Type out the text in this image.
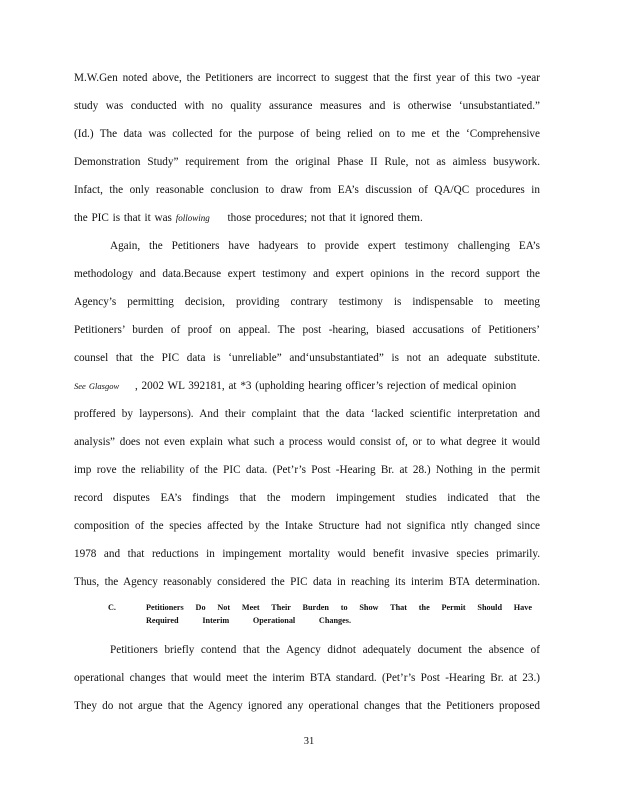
M.W.Gen noted above, the Petitioners are incorrect to suggest that the first year of this two -year
study was conducted with no quality assurance measures and is otherwise ‘unsubstantiated.”
(Id.) The data was collected for the purpose of being relied on to me et the ‘Comprehensive
Demonstration Study” requirement from the original Phase II Rule, not as aimless busywork.
Infact, the only reasonable conclusion to draw from EA’s discussion of QA/QC procedures in
the PIC is that it was following those procedures; not that it ignored them.
Again, the Petitioners have hadyears to provide expert testimony challenging EA’s
methodology and data.Because expert testimony and expert opinions in the record support the
Agency’s permitting decision, providing contrary testimony is indispensable to meeting
Petitioners’ burden of proof on appeal. The post -hearing, biased accusations of Petitioners’
counsel that the PIC data is ‘unreliable” and‘unsubstantiated” is not an adequate substitute.
See Glasgow , 2002 WL 392181, at *3 (upholding hearing officer’s rejection of medical opinion
proffered by laypersons). And their complaint that the data ‘lacked scientific interpretation and
analysis” does not even explain what such a process would consist of, or to what degree it would
imp rove the reliability of the PIC data. (Pet’r’s Post -Hearing Br. at 28.) Nothing in the permit
record disputes EA’s findings that the modern impingement studies indicated that the
composition of the species affected by the Intake Structure had not significa ntly changed since
1978 and that reductions in impingement mortality would benefit invasive species primarily.
Thus, the Agency reasonably considered the PIC data in reaching its interim BTA determination.
C.	Petitioners Do Not Meet Their Burden to Show That the Permit Should Have
Required Interim Operational Changes.
Petitioners briefly contend that the Agency didnot adequately document the absence of
operational changes that would meet the interim BTA standard. (Pet’r’s Post -Hearing Br. at 23.)
They do not argue that the Agency ignored any operational changes that the Petitioners proposed
31
